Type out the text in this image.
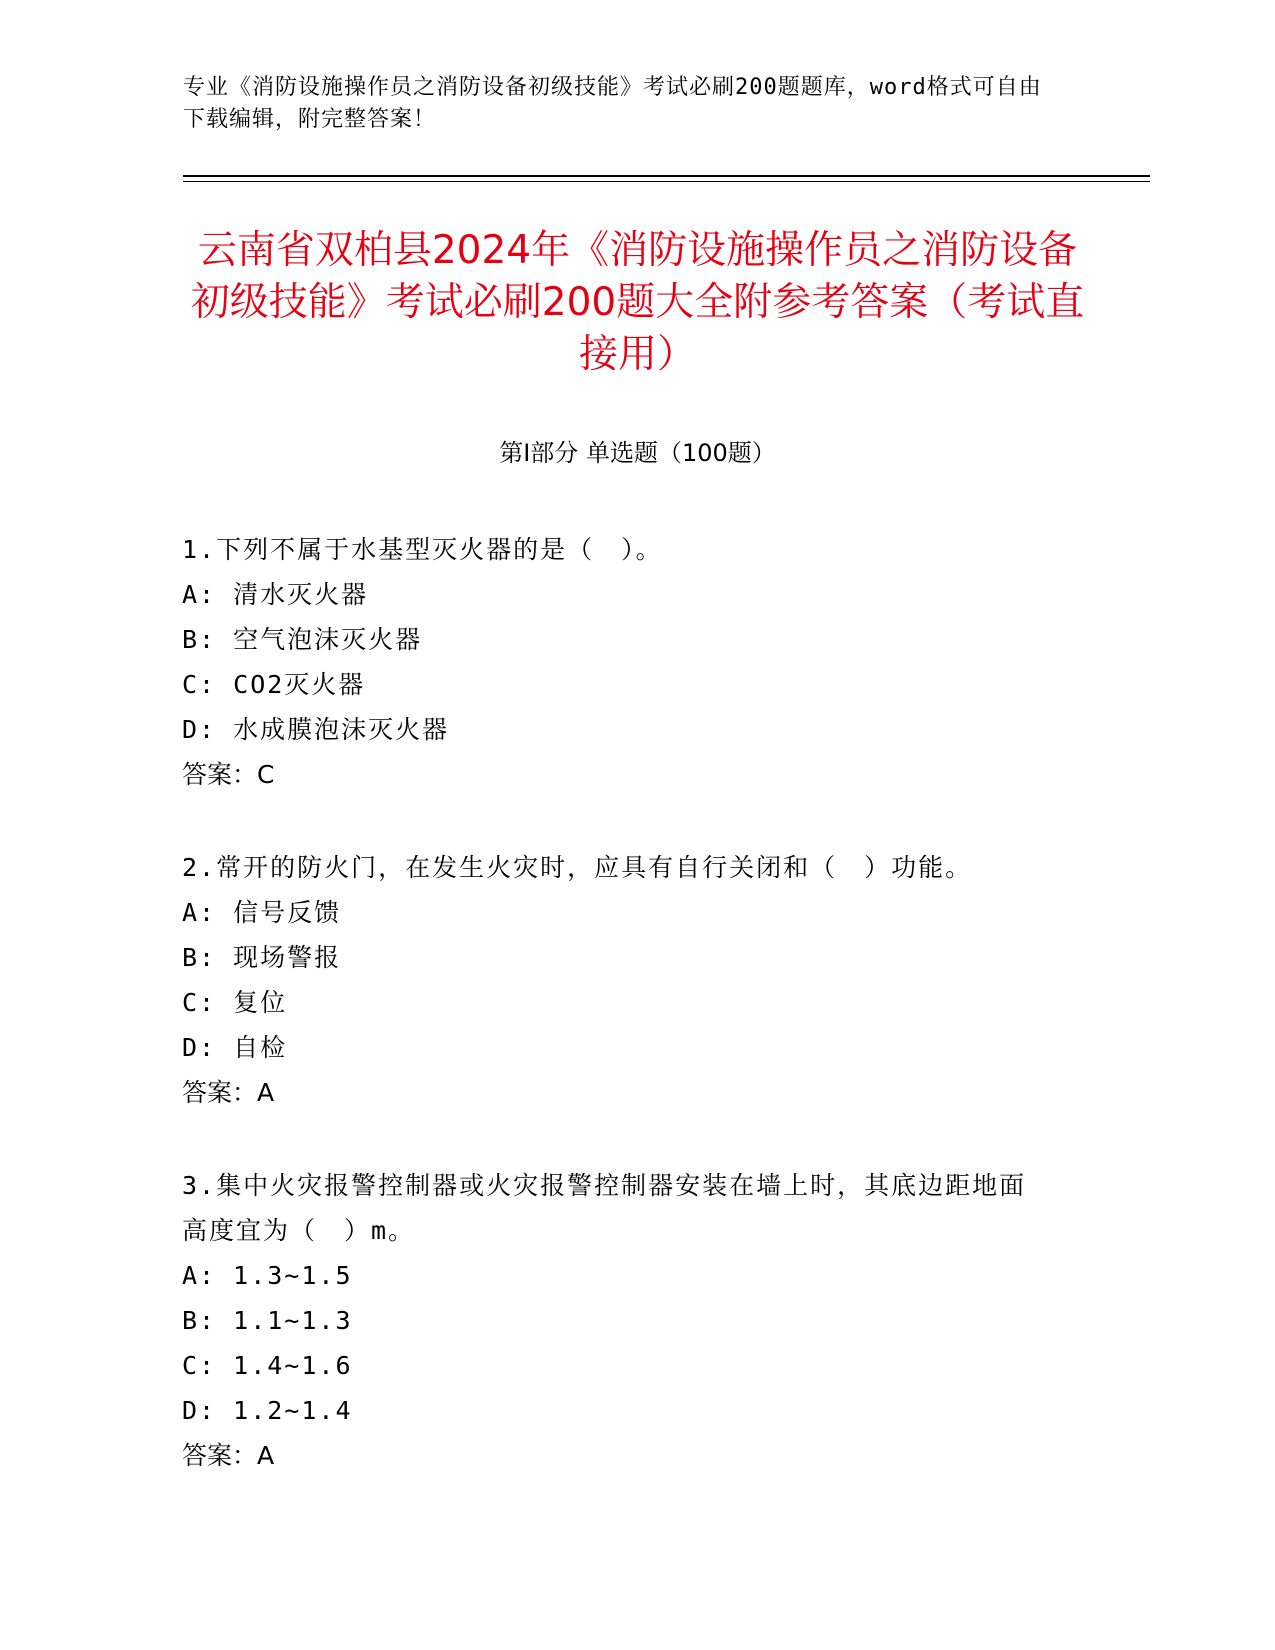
专业《消防设施操作员之消防设备初级技能》考试必刷200题题库，word格式可自由下载编辑，附完整答案！

云南省双柏县2024年《消防设施操作员之消防设备初级技能》考试必刷200题大全附参考答案（考试直接用）
第I部分 单选题（100题）

1.下列不属于水基型灭火器的是（　）。

A: 清水灭火器

B: 空气泡沫灭火器

C: CO2灭火器

D: 水成膜泡沫灭火器

答案：C

2.常开的防火门，在发生火灾时，应具有自行关闭和（　）功能。

A: 信号反馈

B: 现场警报

C: 复位

D: 自检

答案：A

3.集中火灾报警控制器或火灾报警控制器安装在墙上时，其底边距地面高度宜为（　）m。

A: 1.3~1.5

B: 1.1~1.3

C: 1.4~1.6

D: 1.2~1.4

答案：A
